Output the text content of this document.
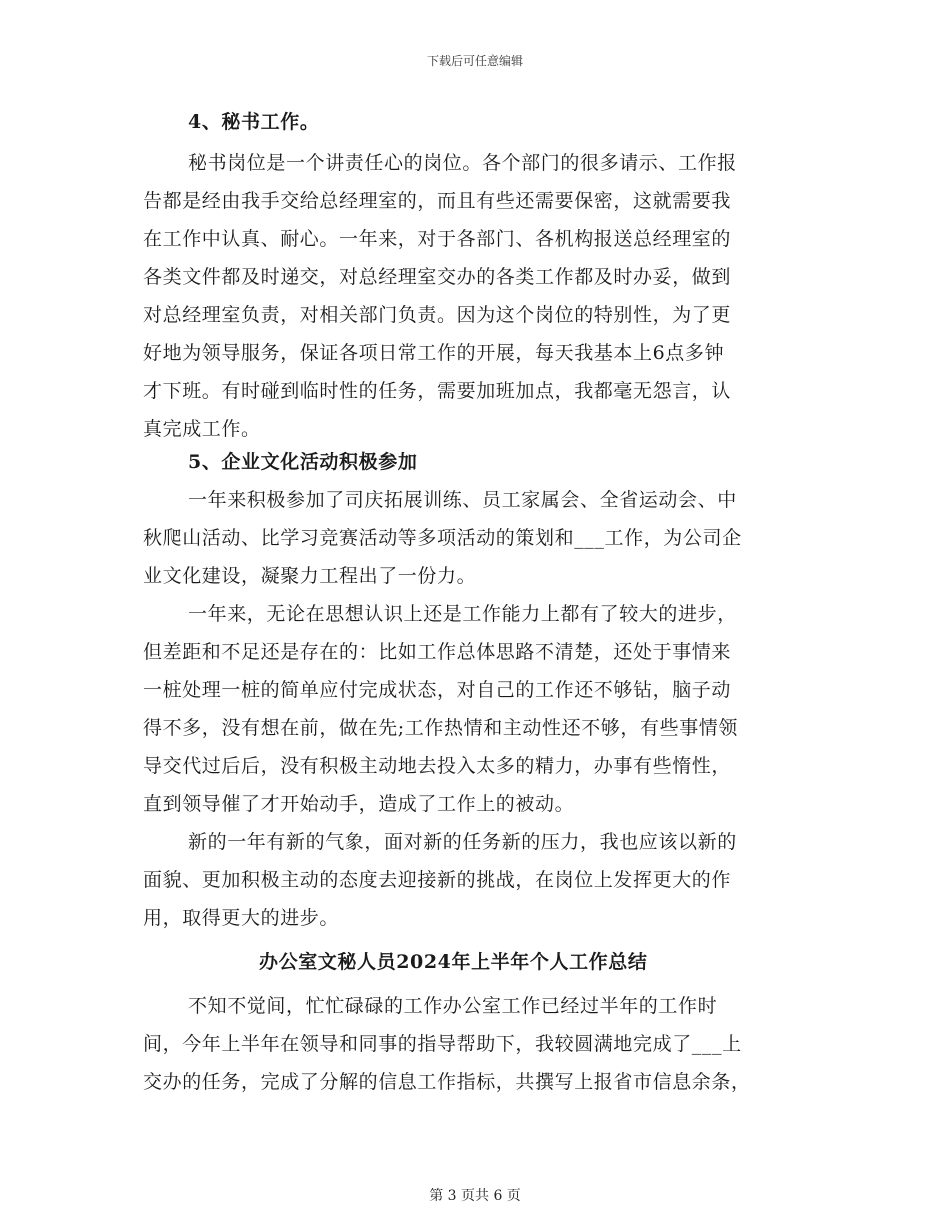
下载后可任意编辑
4、秘书工作。
秘书岗位是一个讲责任心的岗位。各个部门的很多请示、工作报
告都是经由我手交给总经理室的，而且有些还需要保密，这就需要我
在工作中认真、耐心。一年来，对于各部门、各机构报送总经理室的
各类文件都及时递交，对总经理室交办的各类工作都及时办妥，做到
对总经理室负责，对相关部门负责。因为这个岗位的特别性，为了更
好地为领导服务，保证各项日常工作的开展，每天我基本上6点多钟
才下班。有时碰到临时性的任务，需要加班加点，我都毫无怨言，认
真完成工作。
5、企业文化活动积极参加
一年来积极参加了司庆拓展训练、员工家属会、全省运动会、中
秋爬山活动、比学习竞赛活动等多项活动的策划和___工作，为公司企
业文化建设，凝聚力工程出了一份力。
一年来，无论在思想认识上还是工作能力上都有了较大的进步，
但差距和不足还是存在的：比如工作总体思路不清楚，还处于事情来
一桩处理一桩的简单应付完成状态，对自己的工作还不够钻，脑子动
得不多，没有想在前，做在先;工作热情和主动性还不够，有些事情领
导交代过后后，没有积极主动地去投入太多的精力，办事有些惰性，
直到领导催了才开始动手，造成了工作上的被动。
新的一年有新的气象，面对新的任务新的压力，我也应该以新的
面貌、更加积极主动的态度去迎接新的挑战，在岗位上发挥更大的作
用，取得更大的进步。
办公室文秘人员2024年上半年个人工作总结
不知不觉间，忙忙碌碌的工作办公室工作已经过半年的工作时
间，今年上半年在领导和同事的指导帮助下，我较圆满地完成了___上
交办的任务，完成了分解的信息工作指标，共撰写上报省市信息余条，
第 3 页共 6 页
